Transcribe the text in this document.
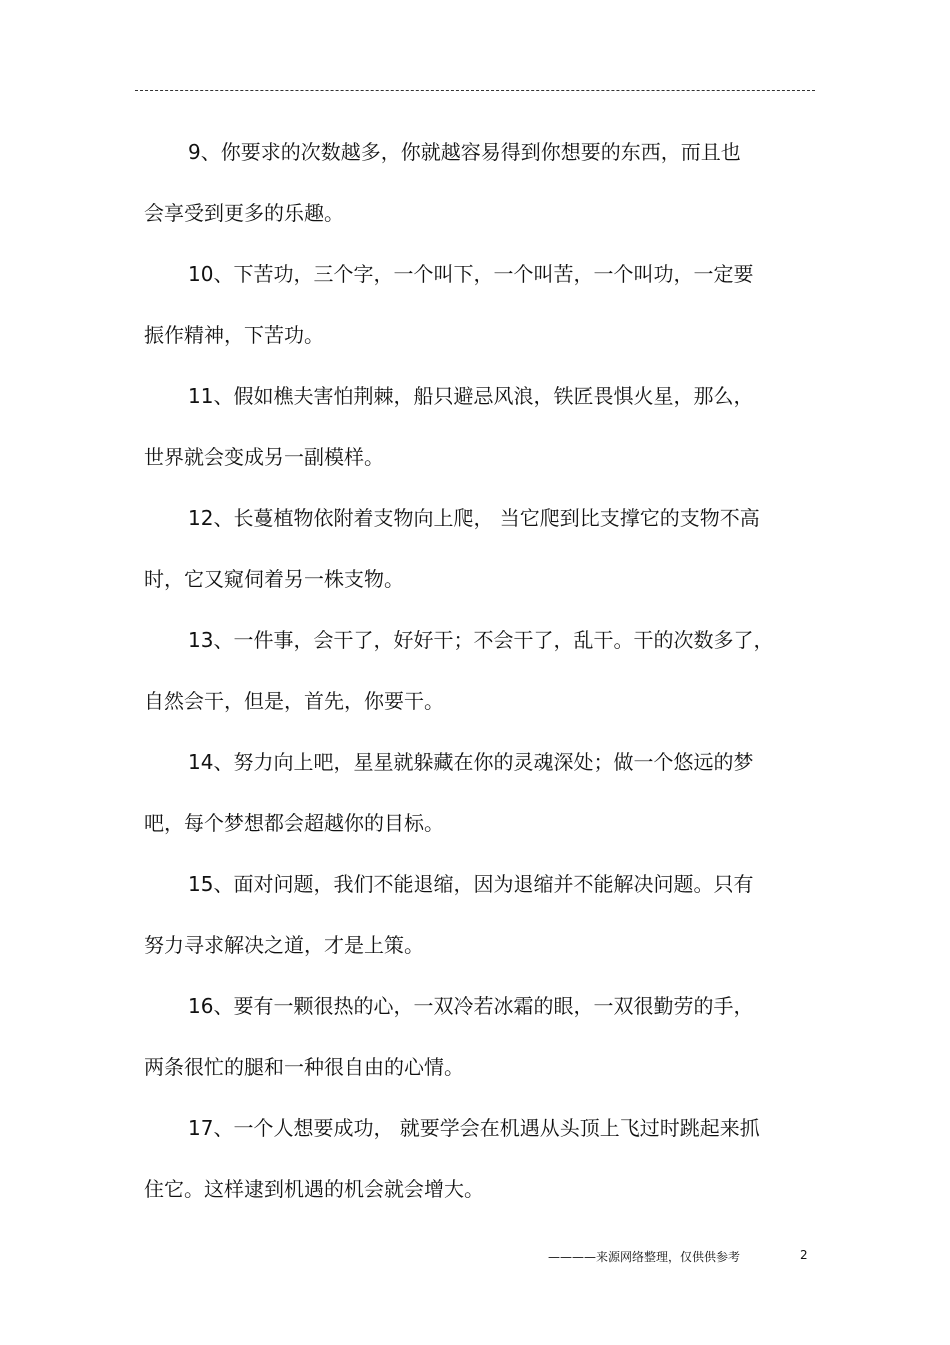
9、你要求的次数越多，你就越容易得到你想要的东西，而且也
会享受到更多的乐趣。
10、下苦功，三个字，一个叫下，一个叫苦，一个叫功，一定要
振作精神，下苦功。
11、假如樵夫害怕荆棘，船只避忌风浪，铁匠畏惧火星，那么，
世界就会变成另一副模样。
12、长蔓植物依附着支物向上爬， 当它爬到比支撑它的支物不高
时，它又窥伺着另一株支物。
13、一件事，会干了，好好干；不会干了，乱干。干的次数多了，
自然会干，但是，首先，你要干。
14、努力向上吧，星星就躲藏在你的灵魂深处；做一个悠远的梦
吧，每个梦想都会超越你的目标。
15、面对问题，我们不能退缩，因为退缩并不能解决问题。只有
努力寻求解决之道，才是上策。
16、要有一颗很热的心，一双冷若冰霜的眼，一双很勤劳的手，
两条很忙的腿和一种很自由的心情。
17、一个人想要成功， 就要学会在机遇从头顶上飞过时跳起来抓
住它。这样逮到机遇的机会就会增大。
————来源网络整理，仅供供参考	2
